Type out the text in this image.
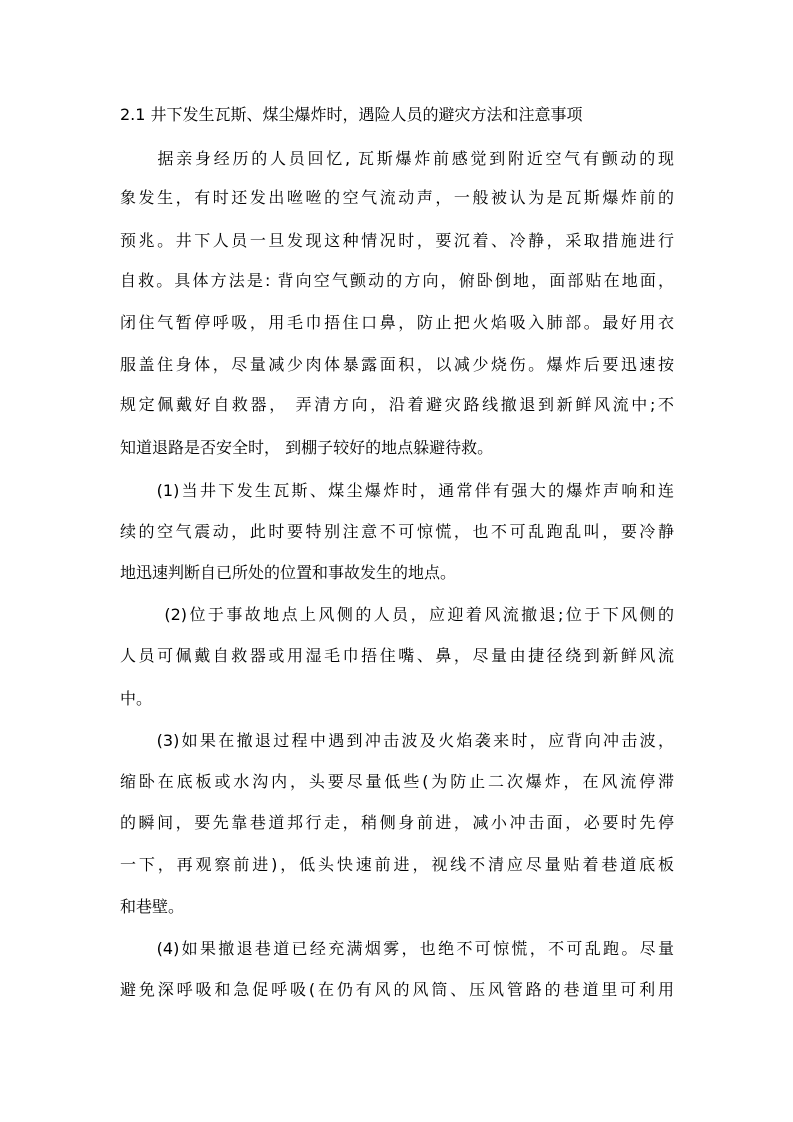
2.1 井下发生瓦斯、煤尘爆炸时，遇险人员的避灾方法和注意事项
　　据亲身经历的人员回忆, 瓦斯爆炸前感觉到附近空气有颤动的现
象发生，有时还发出咝咝的空气流动声，一般被认为是瓦斯爆炸前的
预兆。井下人员一旦发现这种情况时，要沉着、冷静，采取措施进行
自救。具体方法是: 背向空气颤动的方向，俯卧倒地，面部贴在地面，
闭住气暂停呼吸，用毛巾捂住口鼻，防止把火焰吸入肺部。最好用衣
服盖住身体，尽量减少肉体暴露面积，以减少烧伤。爆炸后要迅速按
规定佩戴好自救器， 弄清方向，沿着避灾路线撤退到新鲜风流中;不
知道退路是否安全时， 到棚子较好的地点躲避待救。
　　(1)当井下发生瓦斯、煤尘爆炸时，通常伴有强大的爆炸声响和连
续的空气震动，此时要特别注意不可惊慌，也不可乱跑乱叫，要冷静
地迅速判断自已所处的位置和事故发生的地点。
　　 (2)位于事故地点上风侧的人员，应迎着风流撤退;位于下风侧的
人员可佩戴自救器或用湿毛巾捂住嘴、鼻，尽量由捷径绕到新鲜风流
中。
　　(3)如果在撤退过程中遇到冲击波及火焰袭来时，应背向冲击波，
缩卧在底板或水沟内，头要尽量低些(为防止二次爆炸，在风流停滞
的瞬间，要先靠巷道邦行走，稍侧身前进，减小冲击面，必要时先停
一下，再观察前进)，低头快速前进，视线不清应尽量贴着巷道底板
和巷壁。
　　(4)如果撤退巷道已经充满烟雾，也绝不可惊慌，不可乱跑。尽量
避免深呼吸和急促呼吸(在仍有风的风筒、压风管路的巷道里可利用
